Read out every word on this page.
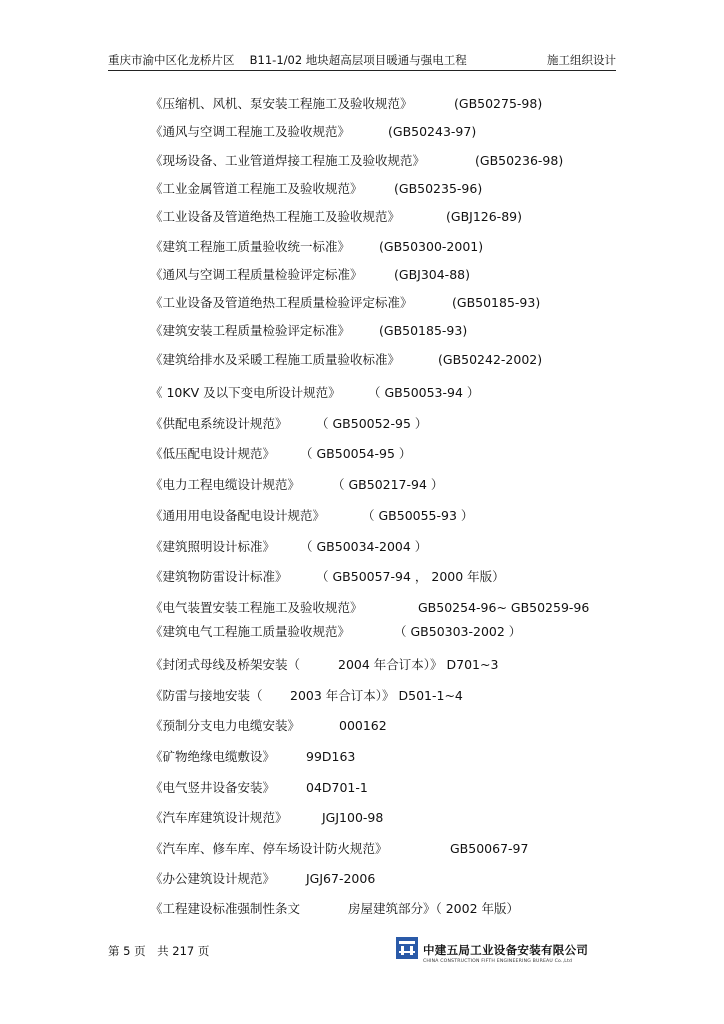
重庆市渝中区化龙桥片区　 B11-1/02 地块超高层项目暖通与强电工程	施工组织设计
《压缩机、风机、泵安装工程施工及验收规范》	(GB50275-98)
《通风与空调工程施工及验收规范》	(GB50243-97)
《现场设备、工业管道焊接工程施工及验收规范》	(GB50236-98)
《工业金属管道工程施工及验收规范》	(GB50235-96)
《工业设备及管道绝热工程施工及验收规范》	(GBJ126-89)
《建筑工程施工质量验收统一标准》 (GB50300-2001)
《通风与空调工程质量检验评定标准》	(GBJ304-88)
《工业设备及管道绝热工程质量检验评定标准》	(GB50185-93)
《建筑安装工程质量检验评定标准》 (GB50185-93)
《建筑给排水及采暖工程施工质量验收标准》	(GB50242-2002)
《 10KV 及以下变电所设计规范》 （ GB50053-94 ）
《供配电系统设计规范》 （ GB50052-95 ）
《低压配电设计规范》 （ GB50054-95 ）
《电力工程电缆设计规范》	（ GB50217-94 ）
《通用用电设备配电设计规范》	（ GB50055-93 ）
《建筑照明设计标准》 （ GB50034-2004 ）
《建筑物防雷设计标准》 （ GB50057-94 ， 2000 年版）
《电气装置安装工程施工及验收规范》	GB50254-96~ GB50259-96
《建筑电气工程施工质量验收规范》	（ GB50303-2002 ）
《封闭式母线及桥架安装（	2004 年合订本）》 D701~3
《防雷与接地安装（ 2003 年合订本）》 D501-1~4
《预制分支电力电缆安装》	000162
《矿物绝缘电缆敷设》 99D163
《电气竖井设备安装》 04D701-1
《汽车库建筑设计规范》	JGJ100-98
《汽车库、修车库、停车场设计防火规范》	GB50067-97
《办公建筑设计规范》 JGJ67-2006
《工程建设标准强制性条文	房屋建筑部分》（ 2002 年版）
第 5 页　共 217 页	中建五局工业设备安装有限公司
CHINA CONSTRUCTION FIFTH ENGINEERING BUREAU Co.,Ltd
